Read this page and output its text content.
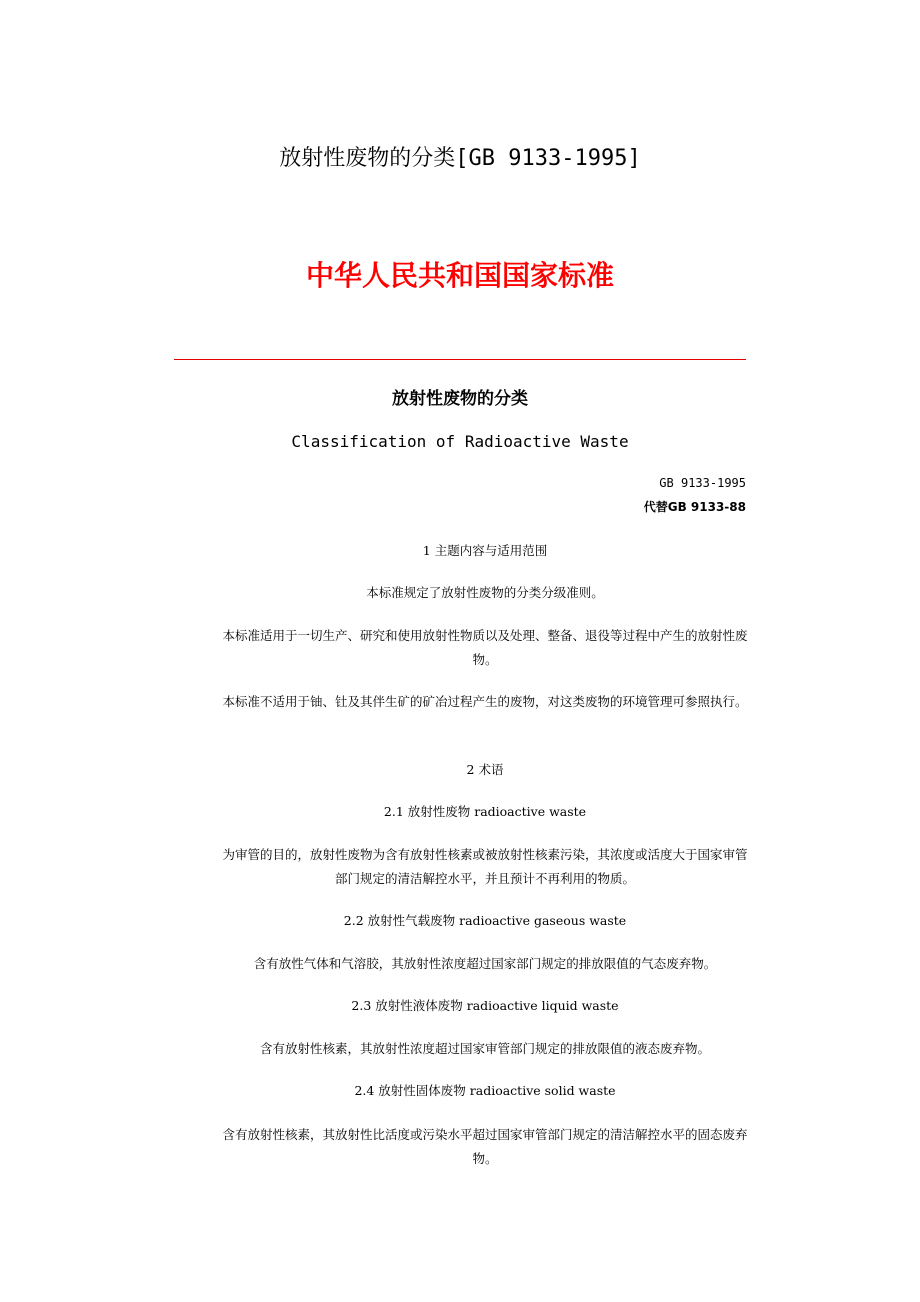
放射性废物的分类[GB 9133-1995]
中华人民共和国国家标准
放射性废物的分类
Classification of Radioactive Waste
GB 9133-1995
代替GB 9133-88
1 主题内容与适用范围
本标准规定了放射性废物的分类分级准则。
本标准适用于一切生产、研究和使用放射性物质以及处理、整备、退役等过程中产生的放射性废物。
本标准不适用于铀、钍及其伴生矿的矿冶过程产生的废物，对这类废物的环境管理可参照执行。
2 术语
2.1 放射性废物 radioactive waste
为审管的目的，放射性废物为含有放射性核素或被放射性核素污染，其浓度或活度大于国家审管部门规定的清洁解控水平，并且预计不再利用的物质。
2.2 放射性气载废物 radioactive gaseous waste
含有放性气体和气溶胶，其放射性浓度超过国家部门规定的排放限值的气态废弃物。
2.3 放射性液体废物 radioactive liquid waste
含有放射性核素，其放射性浓度超过国家审管部门规定的排放限值的液态废弃物。
2.4 放射性固体废物 radioactive solid waste
含有放射性核素，其放射性比活度或污染水平超过国家审管部门规定的清洁解控水平的固态废弃物。
